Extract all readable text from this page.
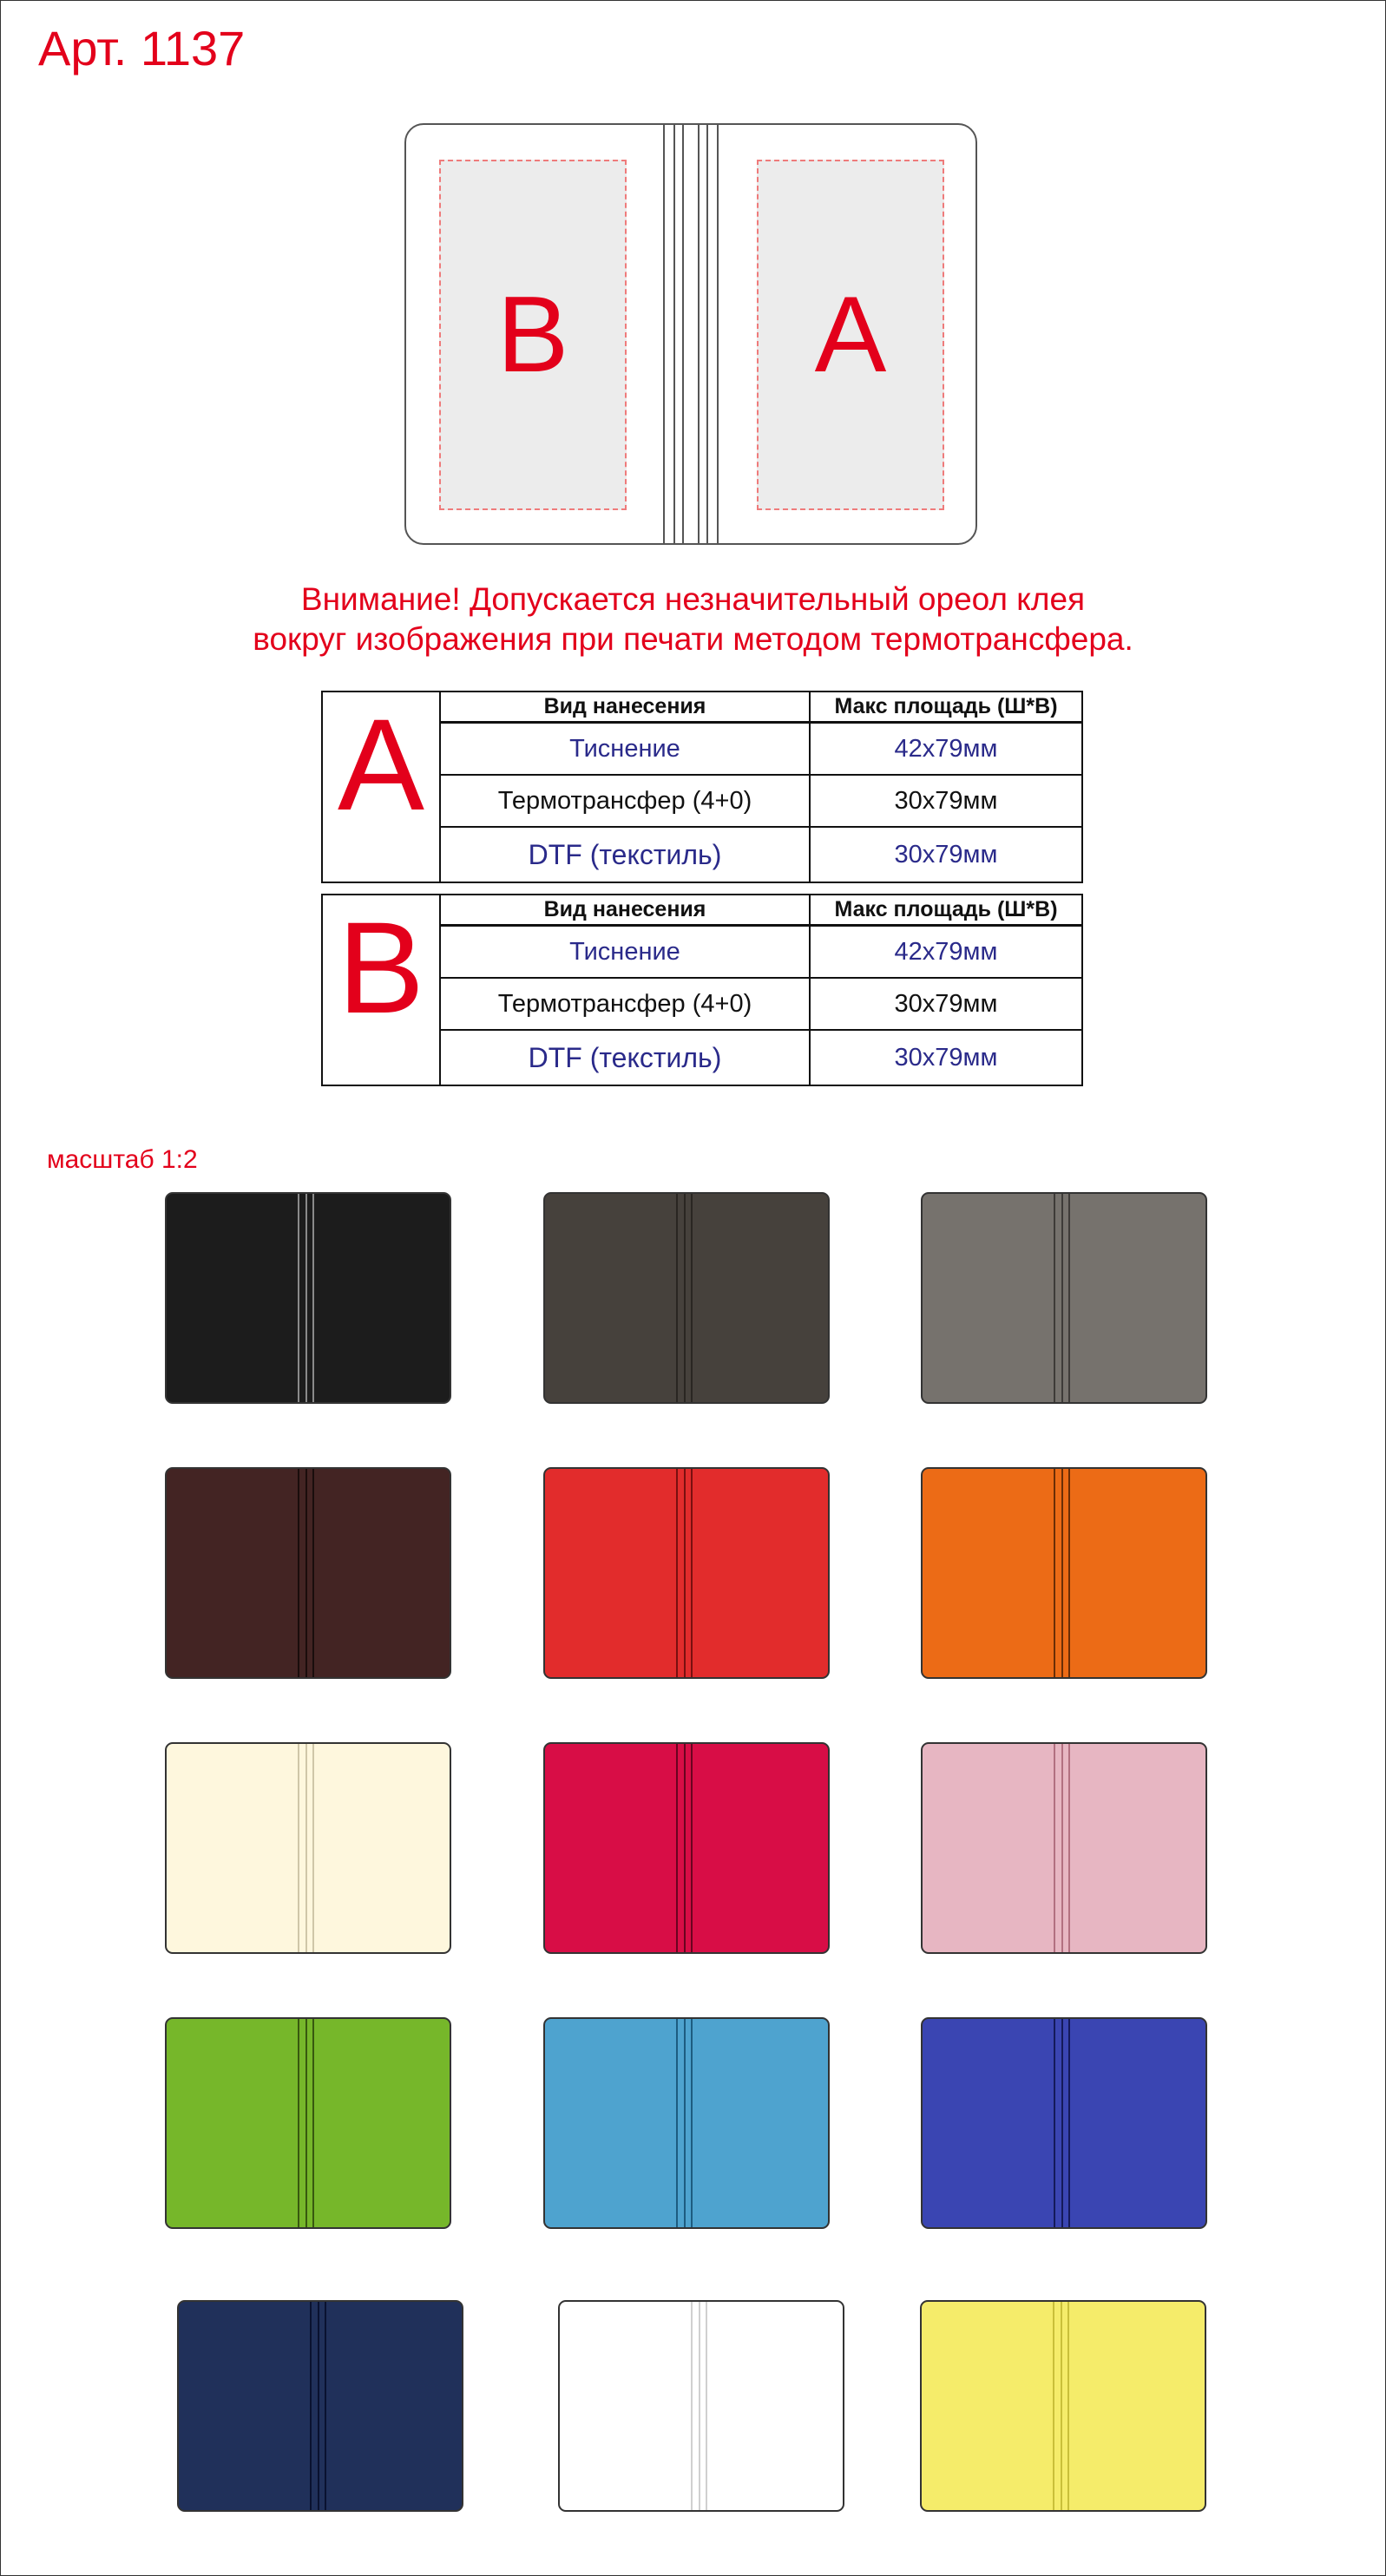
Арт. 1137
B A
Внимание! Допускается незначительный ореол клея
вокруг изображения при печати методом термотрансфера.
A	Вид нанесения	Макс площадь (Ш*В)
Тиснение	42х79мм
Термотрансфер (4+0)	30х79мм
DTF (текстиль)	30х79мм
B	Вид нанесения	Макс площадь (Ш*В)
Тиснение	42х79мм
Термотрансфер (4+0)	30х79мм
DTF (текстиль)	30х79мм
масштаб 1:2
